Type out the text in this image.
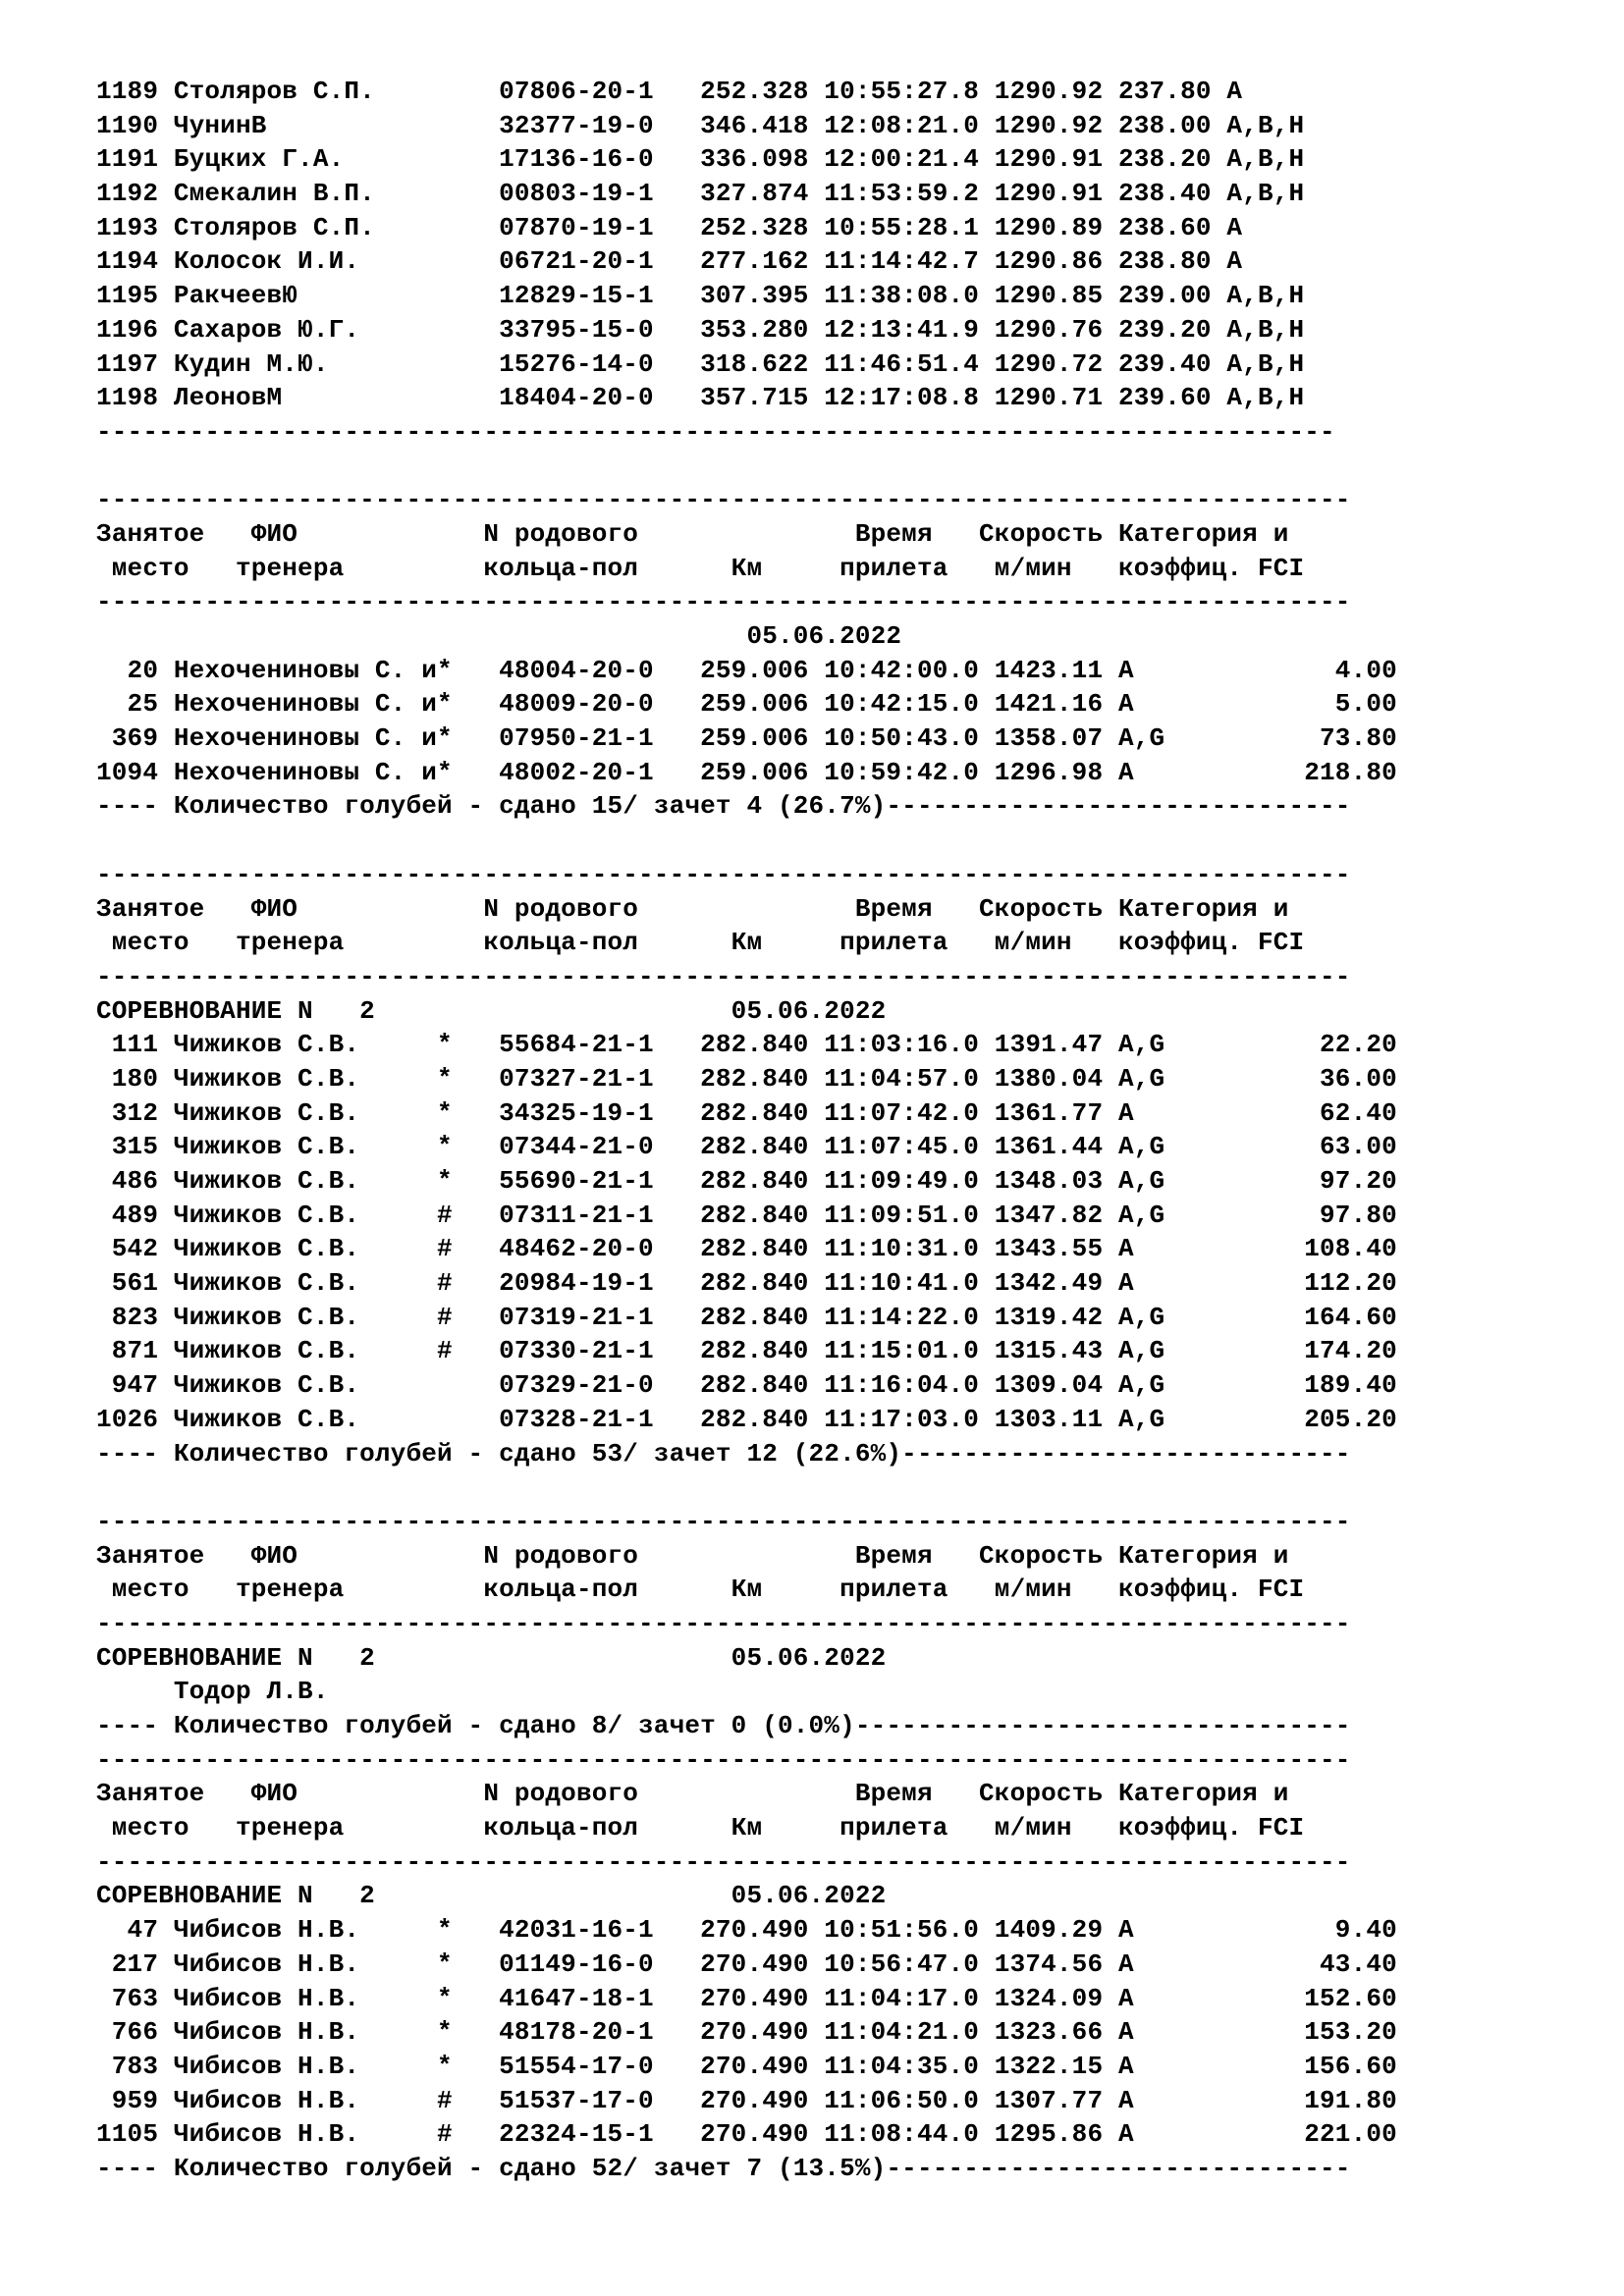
1189 Столяров С.П.        07806-20-1   252.328 10:55:27.8 1290.92 237.80 A
1190 ЧунинВ               32377-19-0   346.418 12:08:21.0 1290.92 238.00 A,B,H
1191 Буцких Г.А.          17136-16-0   336.098 12:00:21.4 1290.91 238.20 A,B,H
1192 Смекалин В.П.        00803-19-1   327.874 11:53:59.2 1290.91 238.40 A,B,H
1193 Столяров С.П.        07870-19-1   252.328 10:55:28.1 1290.89 238.60 A
1194 Колосок И.И.         06721-20-1   277.162 11:14:42.7 1290.86 238.80 A
1195 РакчеевЮ             12829-15-1   307.395 11:38:08.0 1290.85 239.00 A,B,H
1196 Сахаров Ю.Г.         33795-15-0   353.280 12:13:41.9 1290.76 239.20 A,B,H
1197 Кудин М.Ю.           15276-14-0   318.622 11:46:51.4 1290.72 239.40 A,B,H
1198 ЛеоновМ              18404-20-0   357.715 12:17:08.8 1290.71 239.60 A,B,H
--------------------------------------------------------------------------------
---------------------------------------------------------------------------------
Занятое   ФИО            N родового              Время   Скорость Категория и
место   тренера         кольца-пол      Км     прилета   м/мин   коэффиц. FCI
---------------------------------------------------------------------------------
05.06.2022
20 Нехочениновы С. и*   48004-20-0   259.006 10:42:00.0 1423.11 A             4.00
25 Нехочениновы С. и*   48009-20-0   259.006 10:42:15.0 1421.16 A             5.00
369 Нехочениновы С. и*   07950-21-1   259.006 10:50:43.0 1358.07 A,G          73.80
1094 Нехочениновы С. и*   48002-20-1   259.006 10:59:42.0 1296.98 A           218.80
---- Количество голубей - сдано 15/ зачет 4 (26.7%)------------------------------
---------------------------------------------------------------------------------
Занятое   ФИО            N родового              Время   Скорость Категория и
место   тренера         кольца-пол      Км     прилета   м/мин   коэффиц. FCI
---------------------------------------------------------------------------------
СОРЕВНОВАНИЕ N   2                       05.06.2022
111 Чижиков С.В.     *   55684-21-1   282.840 11:03:16.0 1391.47 A,G          22.20
180 Чижиков С.В.     *   07327-21-1   282.840 11:04:57.0 1380.04 A,G          36.00
312 Чижиков С.В.     *   34325-19-1   282.840 11:07:42.0 1361.77 A            62.40
315 Чижиков С.В.     *   07344-21-0   282.840 11:07:45.0 1361.44 A,G          63.00
486 Чижиков С.В.     *   55690-21-1   282.840 11:09:49.0 1348.03 A,G          97.20
489 Чижиков С.В.     #   07311-21-1   282.840 11:09:51.0 1347.82 A,G          97.80
542 Чижиков С.В.     #   48462-20-0   282.840 11:10:31.0 1343.55 A           108.40
561 Чижиков С.В.     #   20984-19-1   282.840 11:10:41.0 1342.49 A           112.20
823 Чижиков С.В.     #   07319-21-1   282.840 11:14:22.0 1319.42 A,G         164.60
871 Чижиков С.В.     #   07330-21-1   282.840 11:15:01.0 1315.43 A,G         174.20
947 Чижиков С.В.         07329-21-0   282.840 11:16:04.0 1309.04 A,G         189.40
1026 Чижиков С.В.         07328-21-1   282.840 11:17:03.0 1303.11 A,G         205.20
---- Количество голубей - сдано 53/ зачет 12 (22.6%)-----------------------------
---------------------------------------------------------------------------------
Занятое   ФИО            N родового              Время   Скорость Категория и
место   тренера         кольца-пол      Км     прилета   м/мин   коэффиц. FCI
---------------------------------------------------------------------------------
СОРЕВНОВАНИЕ N   2                       05.06.2022
Тодор Л.В.
---- Количество голубей - сдано 8/ зачет 0 (0.0%)--------------------------------
---------------------------------------------------------------------------------
Занятое   ФИО            N родового              Время   Скорость Категория и
место   тренера         кольца-пол      Км     прилета   м/мин   коэффиц. FCI
---------------------------------------------------------------------------------
СОРЕВНОВАНИЕ N   2                       05.06.2022
47 Чибисов Н.В.     *   42031-16-1   270.490 10:51:56.0 1409.29 A             9.40
217 Чибисов Н.В.     *   01149-16-0   270.490 10:56:47.0 1374.56 A            43.40
763 Чибисов Н.В.     *   41647-18-1   270.490 11:04:17.0 1324.09 A           152.60
766 Чибисов Н.В.     *   48178-20-1   270.490 11:04:21.0 1323.66 A           153.20
783 Чибисов Н.В.     *   51554-17-0   270.490 11:04:35.0 1322.15 A           156.60
959 Чибисов Н.В.     #   51537-17-0   270.490 11:06:50.0 1307.77 A           191.80
1105 Чибисов Н.В.     #   22324-15-1   270.490 11:08:44.0 1295.86 A           221.00
---- Количество голубей - сдано 52/ зачет 7 (13.5%)------------------------------
